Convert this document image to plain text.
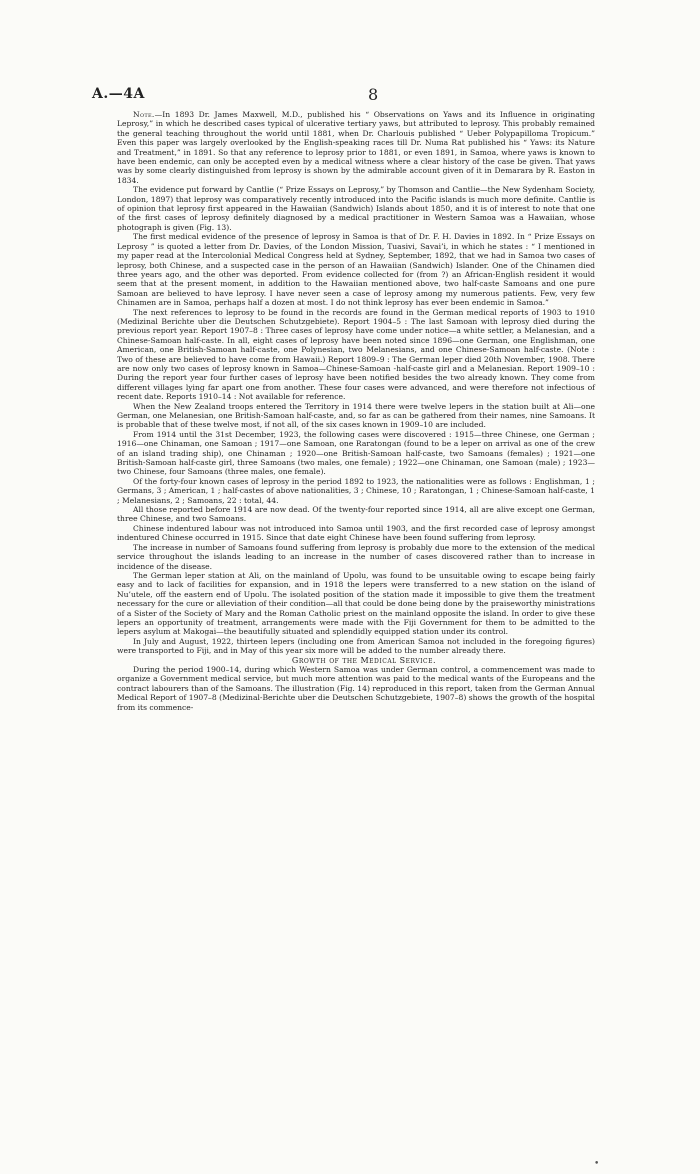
A.—4A	8

Note.—In 1893 Dr. James Maxwell, M.D., published his “ Observations on Yaws and its Influence in originating Leprosy,” in which he described cases typical of ulcerative tertiary yaws, but attributed to leprosy. This probably remained the general teaching throughout the world until 1881, when Dr. Charlouis published “ Ueber Polypapilloma Tropicum.” Even this paper was largely overlooked by the English-speaking races till Dr. Numa Rat published his “ Yaws: its Nature and Treatment,” in 1891. So that any reference to leprosy prior to 1881, or even 1891, in Samoa, where yaws is known to have been endemic, can only be accepted even by a medical witness where a clear history of the case be given. That yaws was by some clearly distinguished from leprosy is shown by the admirable account given of it in Demarara by R. Easton in 1834.

The evidence put forward by Cantlie (“ Prize Essays on Leprosy,” by Thomson and Cantlie—the New Sydenham Society, London, 1897) that leprosy was comparatively recently introduced into the Pacific islands is much more definite. Cantlie is of opinion that leprosy first appeared in the Hawaiian (Sandwich) Islands about 1850, and it is of interest to note that one of the first cases of leprosy definitely diagnosed by a medical practitioner in Western Samoa was a Hawaiian, whose photograph is given (Fig. 13).

The first medical evidence of the presence of leprosy in Samoa is that of Dr. F. H. Davies in 1892. In “ Prize Essays on Leprosy ” is quoted a letter from Dr. Davies, of the London Mission, Tuasivi, Savai’i, in which he states : “ I mentioned in my paper read at the Intercolonial Medical Congress held at Sydney, September, 1892, that we had in Samoa two cases of leprosy, both Chinese, and a suspected case in the person of an Hawaiian (Sandwich) Islander. One of the Chinamen died three years ago, and the other was deported. From evidence collected for (from ?) an African-English resident it would seem that at the present moment, in addition to the Hawaiian mentioned above, two half-caste Samoans and one pure Samoan are believed to have leprosy. I have never seen a case of leprosy among my numerous patients. Few, very few Chinamen are in Samoa, perhaps half a dozen at most. I do not think leprosy has ever been endemic in Samoa.”

The next references to leprosy to be found in the records are found in the German medical reports of 1903 to 1910 (Medizinal Berichte uber die Deutschen Schutzgebiete). Report 1904–5 : The last Samoan with leprosy died during the previous report year. Report 1907–8 : Three cases of leprosy have come under notice—a white settler, a Melanesian, and a Chinese-Samoan half-caste. In all, eight cases of leprosy have been noted since 1896—one German, one Englishman, one American, one British-Samoan half-caste, one Polynesian, two Melanesians, and one Chinese-Samoan half-caste. (Note : Two of these are believed to have come from Hawaii.) Report 1809–9 : The German leper died 20th November, 1908. There are now only two cases of leprosy known in Samoa—Chinese-Samoan -half-caste girl and a Melanesian. Report 1909–10 : During the report year four further cases of leprosy have been notified besides the two already known. They come from different villages lying far apart one from another. These four cases were advanced, and were therefore not infectious of recent date. Reports 1910–14 : Not available for reference.

When the New Zealand troops entered the Territory in 1914 there were twelve lepers in the station built at Ali—one German, one Melanesian, one British-Samoan half-caste, and, so far as can be gathered from their names, nine Samoans. It is probable that of these twelve most, if not all, of the six cases known in 1909–10 are included.

From 1914 until the 31st December, 1923, the following cases were discovered : 1915—three Chinese, one German ; 1916—one Chinaman, one Samoan ; 1917—one Samoan, one Raratongan (found to be a leper on arrival as one of the crew of an island trading ship), one Chinaman ; 1920—one British-Samoan half-caste, two Samoans (females) ; 1921—one British-Samoan half-caste girl, three Samoans (two males, one female) ; 1922—one Chinaman, one Samoan (male) ; 1923—two Chinese, four Samoans (three males, one female).

Of the forty-four known cases of leprosy in the period 1892 to 1923, the nationalities were as follows : Englishman, 1 ; Germans, 3 ; American, 1 ; half-castes of above nationalities, 3 ; Chinese, 10 ; Raratongan, 1 ; Chinese-Samoan half-caste, 1 ; Melanesians, 2 ; Samoans, 22 : total, 44.

All those reported before 1914 are now dead. Of the twenty-four reported since 1914, all are alive except one German, three Chinese, and two Samoans.

Chinese indentured labour was not introduced into Samoa until 1903, and the first recorded case of leprosy amongst indentured Chinese occurred in 1915. Since that date eight Chinese have been found suffering from leprosy.

The increase in number of Samoans found suffering from leprosy is probably due more to the extension of the medical service throughout the islands leading to an increase in the number of cases discovered rather than to increase in incidence of the disease.

The German leper station at Ali, on the mainland of Upolu, was found to be unsuitable owing to escape being fairly easy and to lack of facilities for expansion, and in 1918 the lepers were transferred to a new station on the island of Nu’utele, off the eastern end of Upolu. The isolated position of the station made it impossible to give them the treatment necessary for the cure or alleviation of their condition—all that could be done being done by the praiseworthy ministrations of a Sister of the Society of Mary and the Roman Catholic priest on the mainland opposite the island. In order to give these lepers an opportunity of treatment, arrangements were made with the Fiji Government for them to be admitted to the lepers asylum at Makogai—the beautifully situated and splendidly equipped station under its control.

In July and August, 1922, thirteen lepers (including one from American Samoa not included in the foregoing figures) were transported to Fiji, and in May of this year six more will be added to the number already there.

Growth of the Medical Service.

During the period 1900–14, during which Western Samoa was under German control, a commencement was made to organize a Government medical service, but much more attention was paid to the medical wants of the Europeans and the contract labourers than of the Samoans. The illustration (Fig. 14) reproduced in this report, taken from the German Annual Medical Report of 1907–8 (Medizinal-Berichte uber die Deutschen Schutzgebiete, 1907–8) shows the growth of the hospital from its commence-

•
